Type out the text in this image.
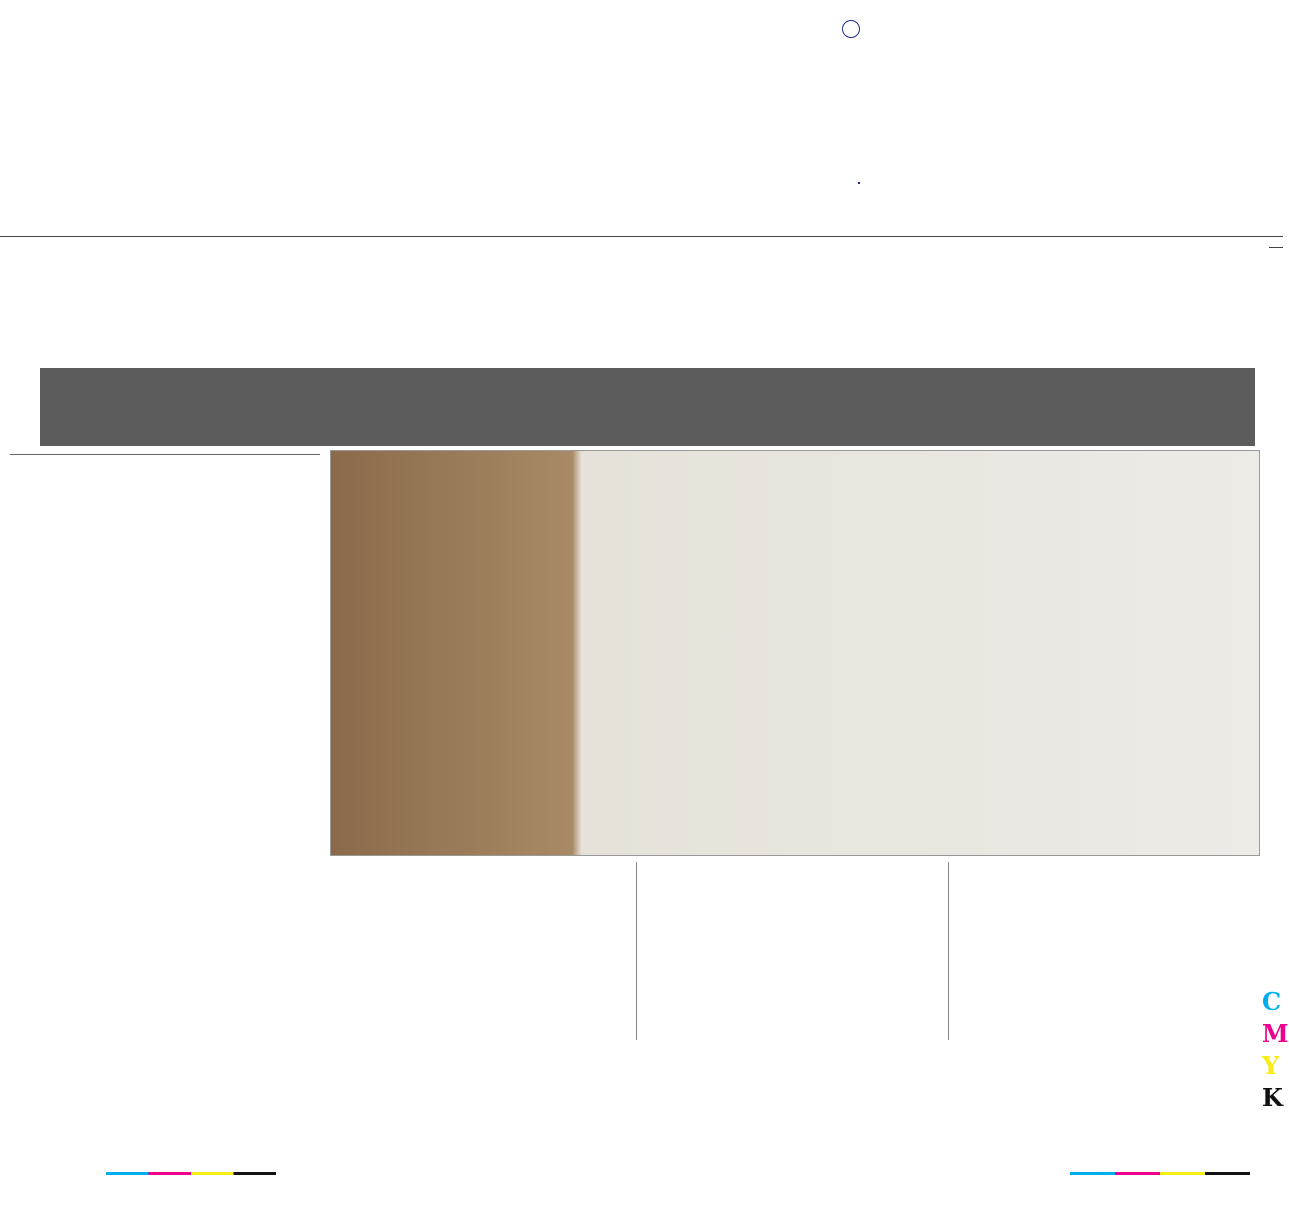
C
M
Y
K
